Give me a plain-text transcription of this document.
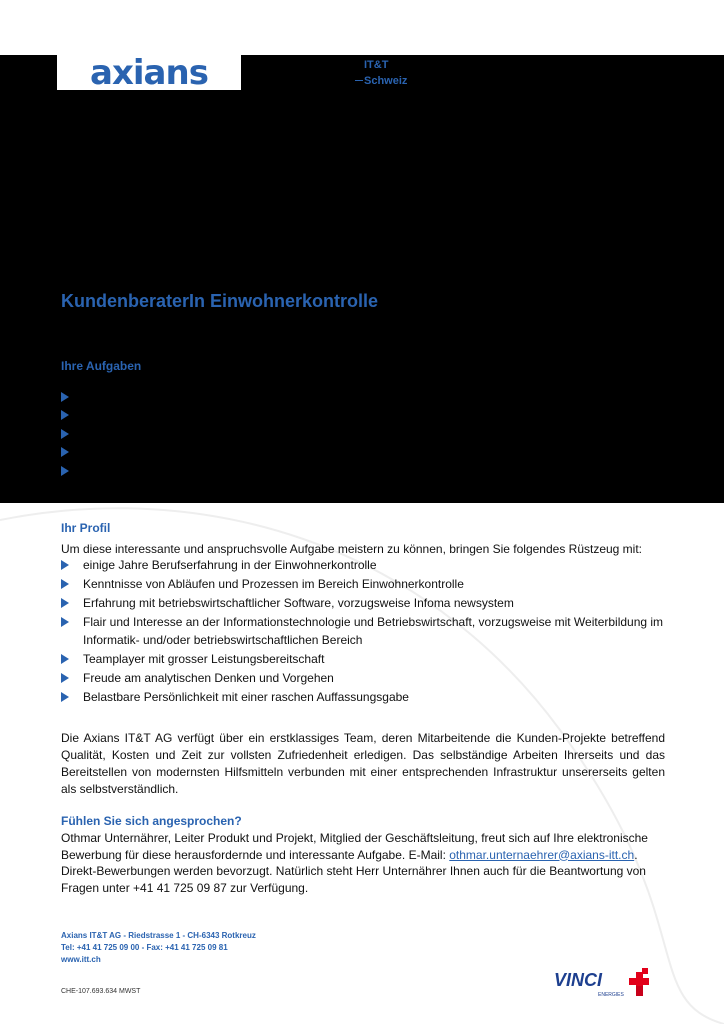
axians	IT&T
Schweiz
KundenberaterIn Einwohnerkontrolle
Ihre Aufgaben
Ihr Profil
Um diese interessante und anspruchsvolle Aufgabe meistern zu können, bringen Sie folgendes Rüstzeug mit:
einige Jahre Berufserfahrung in der Einwohnerkontrolle
Kenntnisse von Abläufen und Prozessen im Bereich Einwohnerkontrolle
Erfahrung mit betriebswirtschaftlicher Software, vorzugsweise Infoma newsystem
Flair und Interesse an der Informationstechnologie und Betriebswirtschaft, vorzugsweise mit Weiterbildung im Informatik- und/oder betriebswirtschaftlichen Bereich
Teamplayer mit grosser Leistungsbereitschaft
Freude am analytischen Denken und Vorgehen
Belastbare Persönlichkeit mit einer raschen Auffassungsgabe
Die Axians IT&T AG verfügt über ein erstklassiges Team, deren Mitarbeitende die Kunden-Projekte betreffend Qualität, Kosten und Zeit zur vollsten Zufriedenheit erledigen. Das selbständige Arbeiten Ihrerseits und das Bereitstellen von modernsten Hilfsmitteln verbunden mit einer entsprechenden Infrastruktur unsererseits gelten als selbstverständlich.
Fühlen Sie sich angesprochen?
Othmar Unternährer, Leiter Produkt und Projekt, Mitglied der Geschäftsleitung, freut sich auf Ihre elektronische Bewerbung für diese herausfordernde und interessante Aufgabe. E-Mail: othmar.unternaehrer@axians-itt.ch. Direkt-Bewerbungen werden bevorzugt. Natürlich steht Herr Unternährer Ihnen auch für die Beantwortung von Fragen unter +41 41 725 09 87 zur Verfügung.
Axians IT&T AG - Riedstrasse 1 - CH-6343 Rotkreuz
Tel: +41 41 725 09 00 - Fax: +41 41 725 09 81
www.itt.ch
CHE-107.693.634 MWST
VINCI
ENERGIES
